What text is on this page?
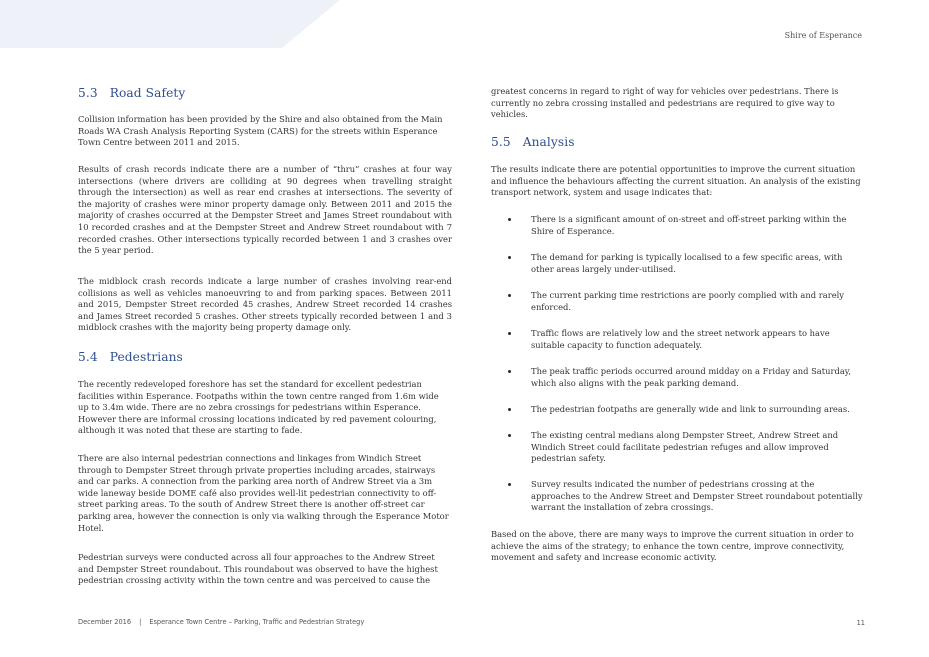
Shire of Esperance
5.3 Road Safety

Collision information has been provided by the Shire and also obtained from the Main Roads WA Crash Analysis Reporting System (CARS) for the streets within Esperance Town Centre between 2011 and 2015.

Results of crash records indicate there are a number of “thru” crashes at four way intersections (where drivers are colliding at 90 degrees when travelling straight through the intersection) as well as rear end crashes at intersections. The severity of the majority of crashes were minor property damage only. Between 2011 and 2015 the majority of crashes occurred at the Dempster Street and James Street roundabout with 10 recorded crashes and at the Dempster Street and Andrew Street roundabout with 7 recorded crashes. Other intersections typically recorded between 1 and 3 crashes over the 5 year period.

The midblock crash records indicate a large number of crashes involving rear-end collisions as well as vehicles manoeuvring to and from parking spaces. Between 2011 and 2015, Dempster Street recorded 45 crashes, Andrew Street recorded 14 crashes and James Street recorded 5 crashes. Other streets typically recorded between 1 and 3 midblock crashes with the majority being property damage only.

5.4 Pedestrians

The recently redeveloped foreshore has set the standard for excellent pedestrian facilities within Esperance. Footpaths within the town centre ranged from 1.6m wide up to 3.4m wide. There are no zebra crossings for pedestrians within Esperance. However there are informal crossing locations indicated by red pavement colouring, although it was noted that these are starting to fade.

There are also internal pedestrian connections and linkages from Windich Street through to Dempster Street through private properties including arcades, stairways and car parks. A connection from the parking area north of Andrew Street via a 3m wide laneway beside DOME café also provides well-lit pedestrian connectivity to off-street parking areas. To the south of Andrew Street there is another off-street car parking area, however the connection is only via walking through the Esperance Motor Hotel.

Pedestrian surveys were conducted across all four approaches to the Andrew Street and Dempster Street roundabout. This roundabout was observed to have the highest pedestrian crossing activity within the town centre and was perceived to cause the

greatest concerns in regard to right of way for vehicles over pedestrians. There is currently no zebra crossing installed and pedestrians are required to give way to vehicles.

5.5 Analysis

The results indicate there are potential opportunities to improve the current situation and influence the behaviours affecting the current situation. An analysis of the existing transport network, system and usage indicates that:

There is a significant amount of on-street and off-street parking within the Shire of Esperance.

The demand for parking is typically localised to a few specific areas, with other areas largely under-utilised.

The current parking time restrictions are poorly complied with and rarely enforced.

Traffic flows are relatively low and the street network appears to have suitable capacity to function adequately.

The peak traffic periods occurred around midday on a Friday and Saturday, which also aligns with the peak parking demand.

The pedestrian footpaths are generally wide and link to surrounding areas.

The existing central medians along Dempster Street, Andrew Street and Windich Street could facilitate pedestrian refuges and allow improved pedestrian safety.

Survey results indicated the number of pedestrians crossing at the approaches to the Andrew Street and Dempster Street roundabout potentially warrant the installation of zebra crossings.

Based on the above, there are many ways to improve the current situation in order to achieve the aims of the strategy; to enhance the town centre, improve connectivity, movement and safety and increase economic activity.

December 2016 | Esperance Town Centre – Parking, Traffic and Pedestrian Strategy	11
